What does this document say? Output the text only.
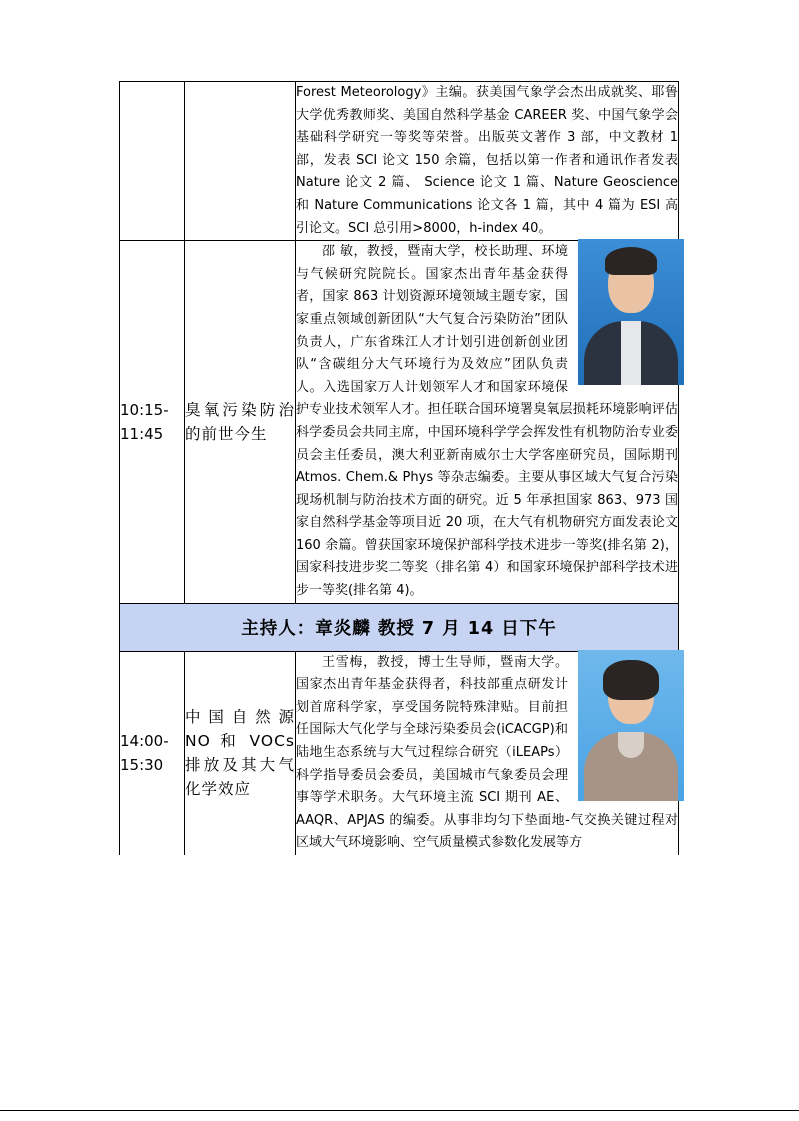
		Forest Meteorology》主编。获美国气象学会杰出成就奖、耶鲁大学优秀教师奖、美国自然科学基金 CAREER 奖、中国气象学会基础科学研究一等奖等荣誉。出版英文著作 3 部，中文教材 1 部，发表 SCI 论文 150 余篇，包括以第一作者和通讯作者发表 Nature 论文 2 篇、 Science 论文 1 篇、Nature Geoscience 和 Nature Communications 论文各 1 篇，其中 4 篇为 ESI 高引论文。SCI 总引用>8000，h-index 40。

10:15-11:45	臭氧污染防治的前世今生	邵 敏，教授，暨南大学，校长助理、环境与气候研究院院长。国家杰出青年基金获得者，国家 863 计划资源环境领域主题专家，国家重点领域创新团队“大气复合污染防治”团队负责人，广东省珠江人才计划引进创新创业团队“含碳组分大气环境行为及效应”团队负责人。入选国家万人计划领军人才和国家环境保护专业技术领军人才。担任联合国环境署臭氧层损耗环境影响评估科学委员会共同主席，中国环境科学学会挥发性有机物防治专业委员会主任委员，澳大利亚新南威尔士大学客座研究员，国际期刊 Atmos. Chem.& Phys 等杂志编委。主要从事区域大气复合污染现场机制与防治技术方面的研究。近 5 年承担国家 863、973 国家自然科学基金等项目近 20 项，在大气有机物研究方面发表论文 160 余篇。曾获国家环境保护部科学技术进步一等奖(排名第 2)，国家科技进步奖二等奖（排名第 4）和国家环境保护部科学技术进步一等奖(排名第 4)。

主持人：章炎麟 教授 7 月 14 日下午		
14:00-15:30	中国自然源 NO 和 VOCs 排放及其大气化学效应	王雪梅，教授，博士生导师，暨南大学。国家杰出青年基金获得者，科技部重点研发计划首席科学家，享受国务院特殊津贴。目前担任国际大气化学与全球污染委员会(iCACGP)和陆地生态系统与大气过程综合研究（iLEAPs）科学指导委员会委员，美国城市气象委员会理事等学术职务。大气环境主流 SCI 期刊 AE、AAQR、APJAS 的编委。从事非均匀下垫面地-气交换关键过程对区域大气环境影响、空气质量模式参数化发展等方
